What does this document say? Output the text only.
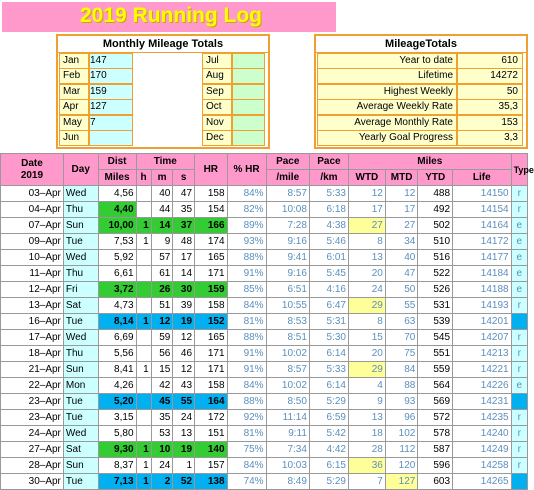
2019 Running Log
Monthly Mileage Totals
Jan	147
Feb 170
Mar 159
Apr	127
May 7
Jun
Jul
Aug
Sep
Oct
Nov
Dec
MileageTotals
Year to date	610
Lifetime	14272
Highest Weekly	50
Average Weekly Rate	35,3
Average Monthly Rate	153
Yearly Goal Progress	3,3
Date
2019	Day	Dist	Time			HR	% HR	Pace	Pace	Miles				Type
		Miles	h	m	s			/mile	/km	WTD	MTD	YTD	Life	
03–Apr	Wed	4,56		40	47	158	84%	8:57	5:33	12	12	488	14150	r
04–Apr	Thu	4,40		44	35	154	82%	10:08	6:18	17	17	492	14154	r
07–Apr	Sun	10,00	1	14	37	166	89%	7:28	4:38	27	27	502	14164	e
09–Apr	Tue	7,53	1	9	48	174	93%	9:16	5:46	8	34	510	14172	e
10–Apr	Wed	5,92		57	17	165	88%	9:41	6:01	13	40	516	14177	e
11–Apr	Thu	6,61		61	14	171	91%	9:16	5:45	20	47	522	14184	e
12–Apr	Fri	3,72		26	30	159	85%	6:51	4:16	24	50	526	14188	e
13–Apr	Sat	4,73		51	39	158	84%	10:55	6:47	29	55	531	14193	r
16–Apr	Tue	8,14	1	12	19	152	81%	8:53	5:31	8	63	539	14201	
17–Apr	Wed	6,69		59	12	165	88%	8:51	5:30	15	70	545	14207	r
18–Apr	Thu	5,56		56	46	171	91%	10:02	6:14	20	75	551	14213	r
21–Apr	Sun	8,41	1	15	12	171	91%	8:57	5:33	29	84	559	14221	r
22–Apr	Mon	4,26		42	43	158	84%	10:02	6:14	4	88	564	14226	e
23–Apr	Tue	5,20		45	55	164	88%	8:50	5:29	9	93	569	14231	
23–Apr	Tue	3,15		35	24	172	92%	11:14	6:59	13	96	572	14235	r
24–Apr	Wed	5,80		53	13	151	81%	9:11	5:42	18	102	578	14240	r
27–Apr	Sat	9,30	1	10	19	140	75%	7:34	4:42	28	112	587	14249	r
28–Apr	Sun	8,37	1	24	1	157	84%	10:03	6:15	36	120	596	14258	r
30–Apr	Tue	7,13	1	2	52	138	74%	8:49	5:29	7	127	603	14265	
